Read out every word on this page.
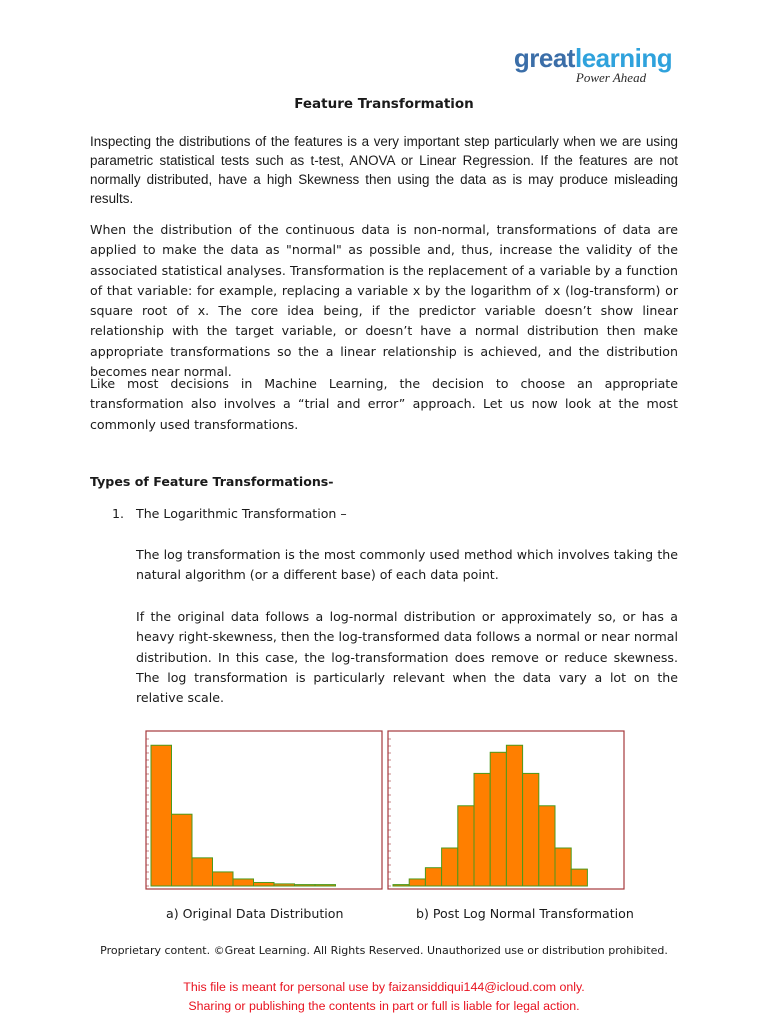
greatlearning
Power Ahead
Feature Transformation

Inspecting the distributions of the features is a very important step particularly when we are using parametric statistical tests such as t-test, ANOVA or Linear Regression. If the features are not normally distributed, have a high Skewness then using the data as is may produce misleading results.

When the distribution of the continuous data is non-normal, transformations of data are applied to make the data as "normal" as possible and, thus, increase the validity of the associated statistical analyses. Transformation is the replacement of a variable by a function of that variable: for example, replacing a variable x by the logarithm of x (log-transform) or square root of x. The core idea being, if the predictor variable doesn’t show linear relationship with the target variable, or doesn’t have a normal distribution then make appropriate transformations so the a linear relationship is achieved, and the distribution becomes near normal.

Like most decisions in Machine Learning, the decision to choose an appropriate transformation also involves a “trial and error” approach. Let us now look at the most commonly used transformations.

Types of Feature Transformations-
1. The Logarithmic Transformation –

The log transformation is the most commonly used method which involves taking the natural algorithm (or a different base) of each data point.

If the original data follows a log-normal distribution or approximately so, or has a heavy right-skewness, then the log-transformed data follows a normal or near normal distribution. In this case, the log-transformation does remove or reduce skewness. The log transformation is particularly relevant when the data vary a lot on the relative scale.

a) Original Data Distribution	b) Post Log Normal Transformation
Proprietary content. ©Great Learning. All Rights Reserved. Unauthorized use or distribution prohibited.
This file is meant for personal use by faizansiddiqui144@icloud.com only.
Sharing or publishing the contents in part or full is liable for legal action.
